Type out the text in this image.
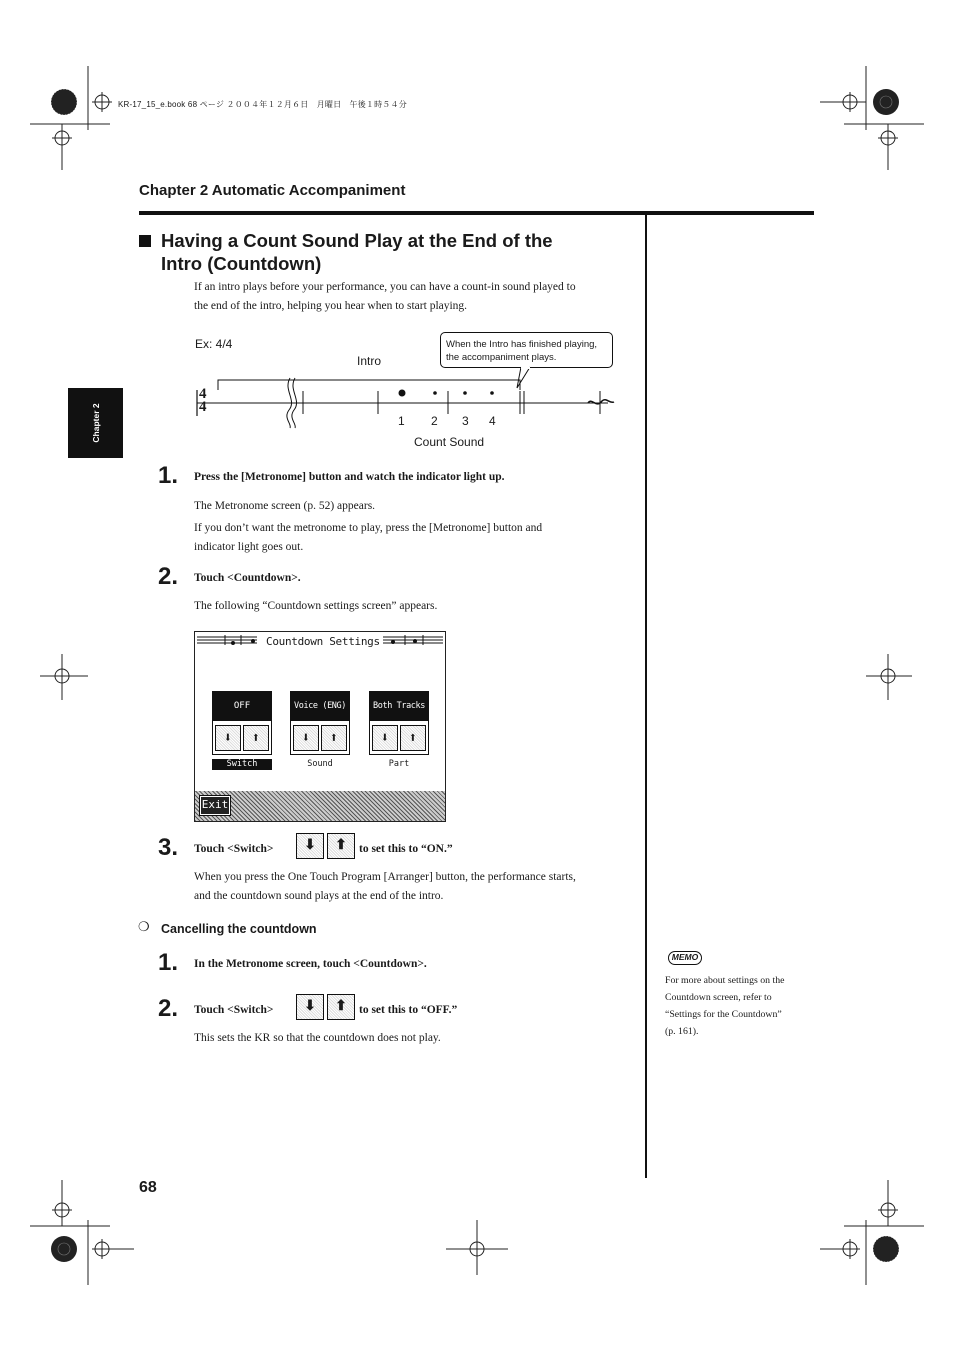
KR-17_15_e.book 68 ページ ２００４年１２月６日　月曜日　午後１時５４分
Chapter 2 Automatic Accompaniment
Chapter 2
Having a Count Sound Play at the End of the
Intro (Countdown)
If an intro plays before your performance, you can have a count-in sound played to
the end of the intro, helping you hear when to start playing.
Ex: 4/4
Intro
When the Intro has finished playing,
the accompaniment plays.
4
4
1 2 3 4
Count Sound
1. Press the [Metronome] button and watch the indicator light up.
The Metronome screen (p. 52) appears.
If you don’t want the metronome to play, press the [Metronome] button and
indicator light goes out.
2. Touch <Countdown>.
The following “Countdown settings screen” appears.
Countdown Settings
OFF
⬇ ⬆
Switch
Voice (ENG)
⬇ ⬆
Sound
Both Tracks
⬇ ⬆
Part
Exit
3. Touch <Switch> ⬇ ⬆ to set this to “ON.”
When you press the One Touch Program [Arranger] button, the performance starts,
and the countdown sound plays at the end of the intro.
❍ Cancelling the countdown
1. In the Metronome screen, touch <Countdown>.
2. Touch <Switch> ⬇ ⬆ to set this to “OFF.”
This sets the KR so that the countdown does not play.
MEMO
For more about settings on the
Countdown screen, refer to
“Settings for the Countdown”
(p. 161).
68
